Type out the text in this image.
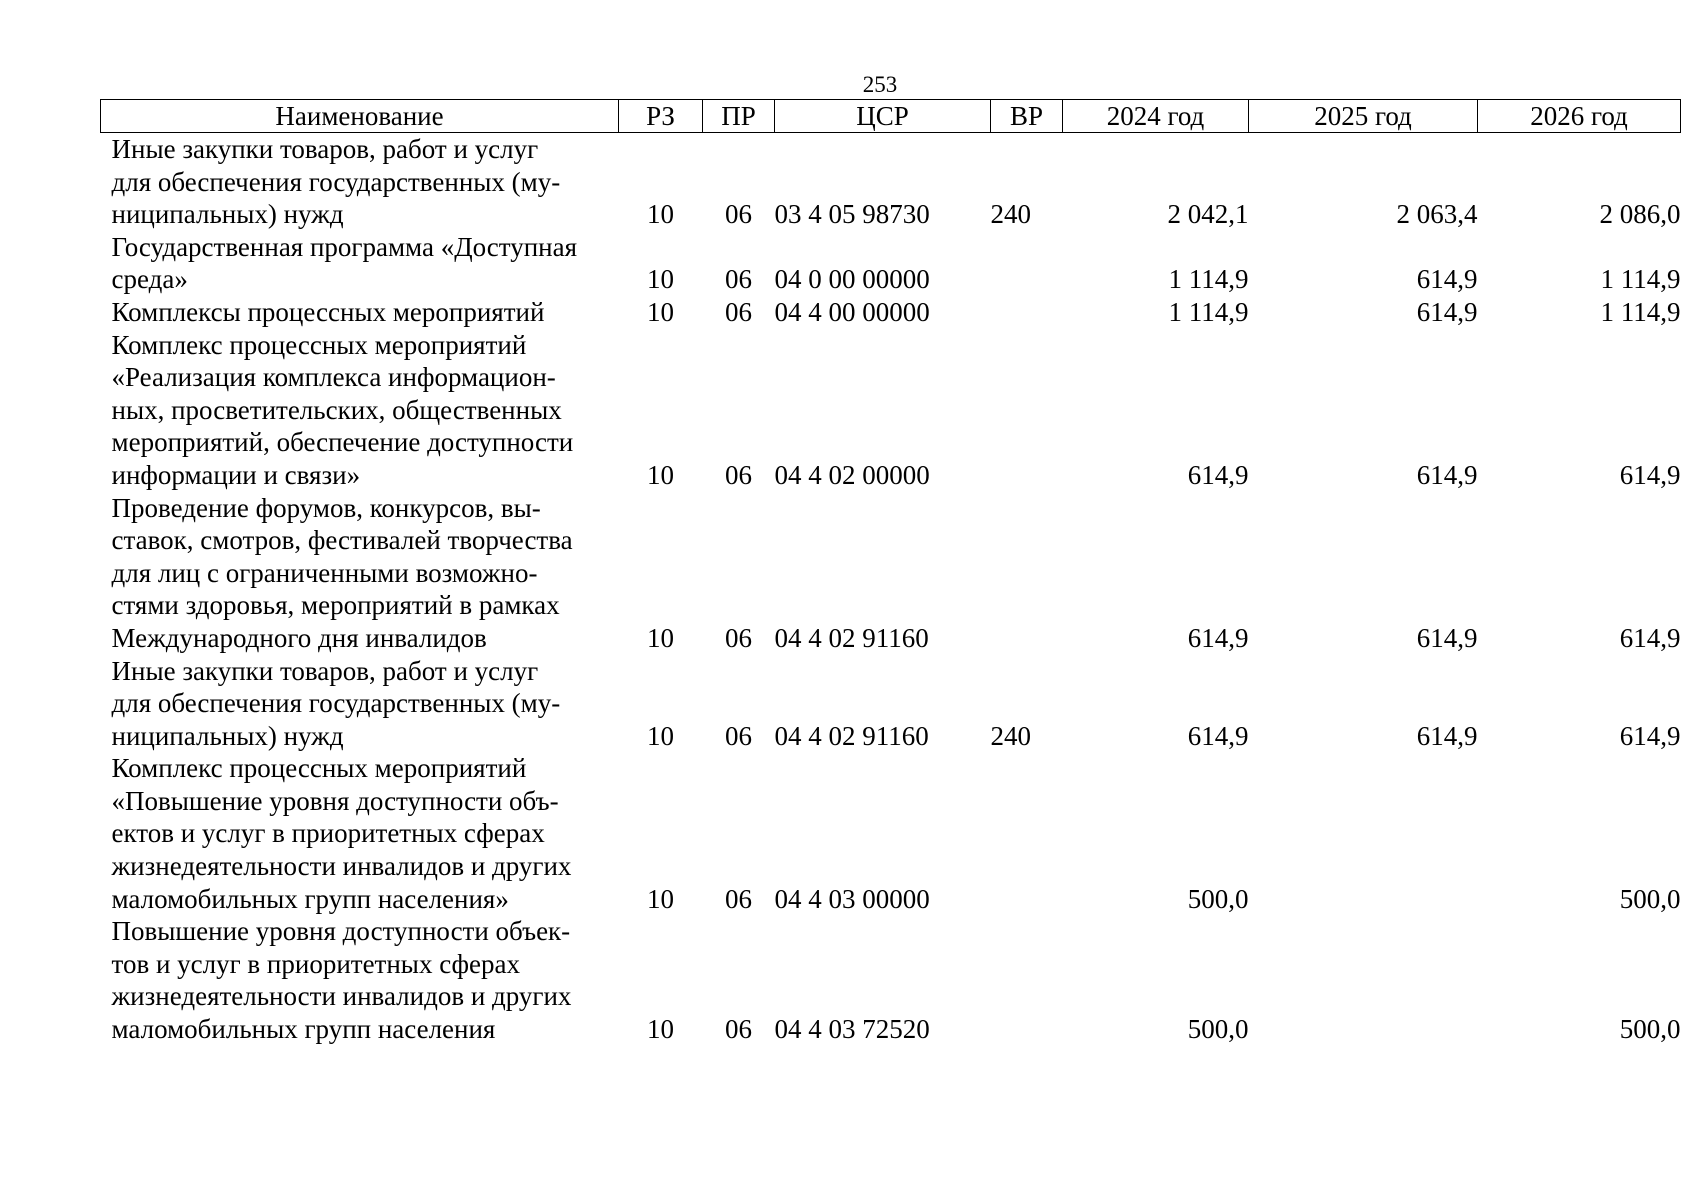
253
Наименование	РЗ	ПР	ЦСР	ВР	2024 год	2025 год	2026 год

Иные закупки товаров, работ и услуг
для обеспечения государственных (му-
ниципальных) нужд	10	06	03 4 05 98730	240	2 042,1	2 063,4	2 086,0

Государственная программа «Доступная
среда»	10	06	04 0 00 00000		1 114,9	614,9	1 114,9

Комплексы процессных мероприятий	10	06	04 4 00 00000		1 114,9	614,9	1 114,9

Комплекс процессных мероприятий
«Реализация комплекса информацион-
ных, просветительских, общественных
мероприятий, обеспечение доступности
информации и связи»	10	06	04 4 02 00000		614,9	614,9	614,9

Проведение форумов, конкурсов, вы-
ставок, смотров, фестивалей творчества
для лиц с ограниченными возможно-
стями здоровья, мероприятий в рамках
Международного дня инвалидов	10	06	04 4 02 91160		614,9	614,9	614,9

Иные закупки товаров, работ и услуг
для обеспечения государственных (му-
ниципальных) нужд	10	06	04 4 02 91160	240	614,9	614,9	614,9

Комплекс процессных мероприятий
«Повышение уровня доступности объ-
ектов и услуг в приоритетных сферах
жизнедеятельности инвалидов и других
маломобильных групп населения»	10	06	04 4 03 00000		500,0		500,0

Повышение уровня доступности объек-
тов и услуг в приоритетных сферах
жизнедеятельности инвалидов и других
маломобильных групп населения	10	06	04 4 03 72520		500,0		500,0
